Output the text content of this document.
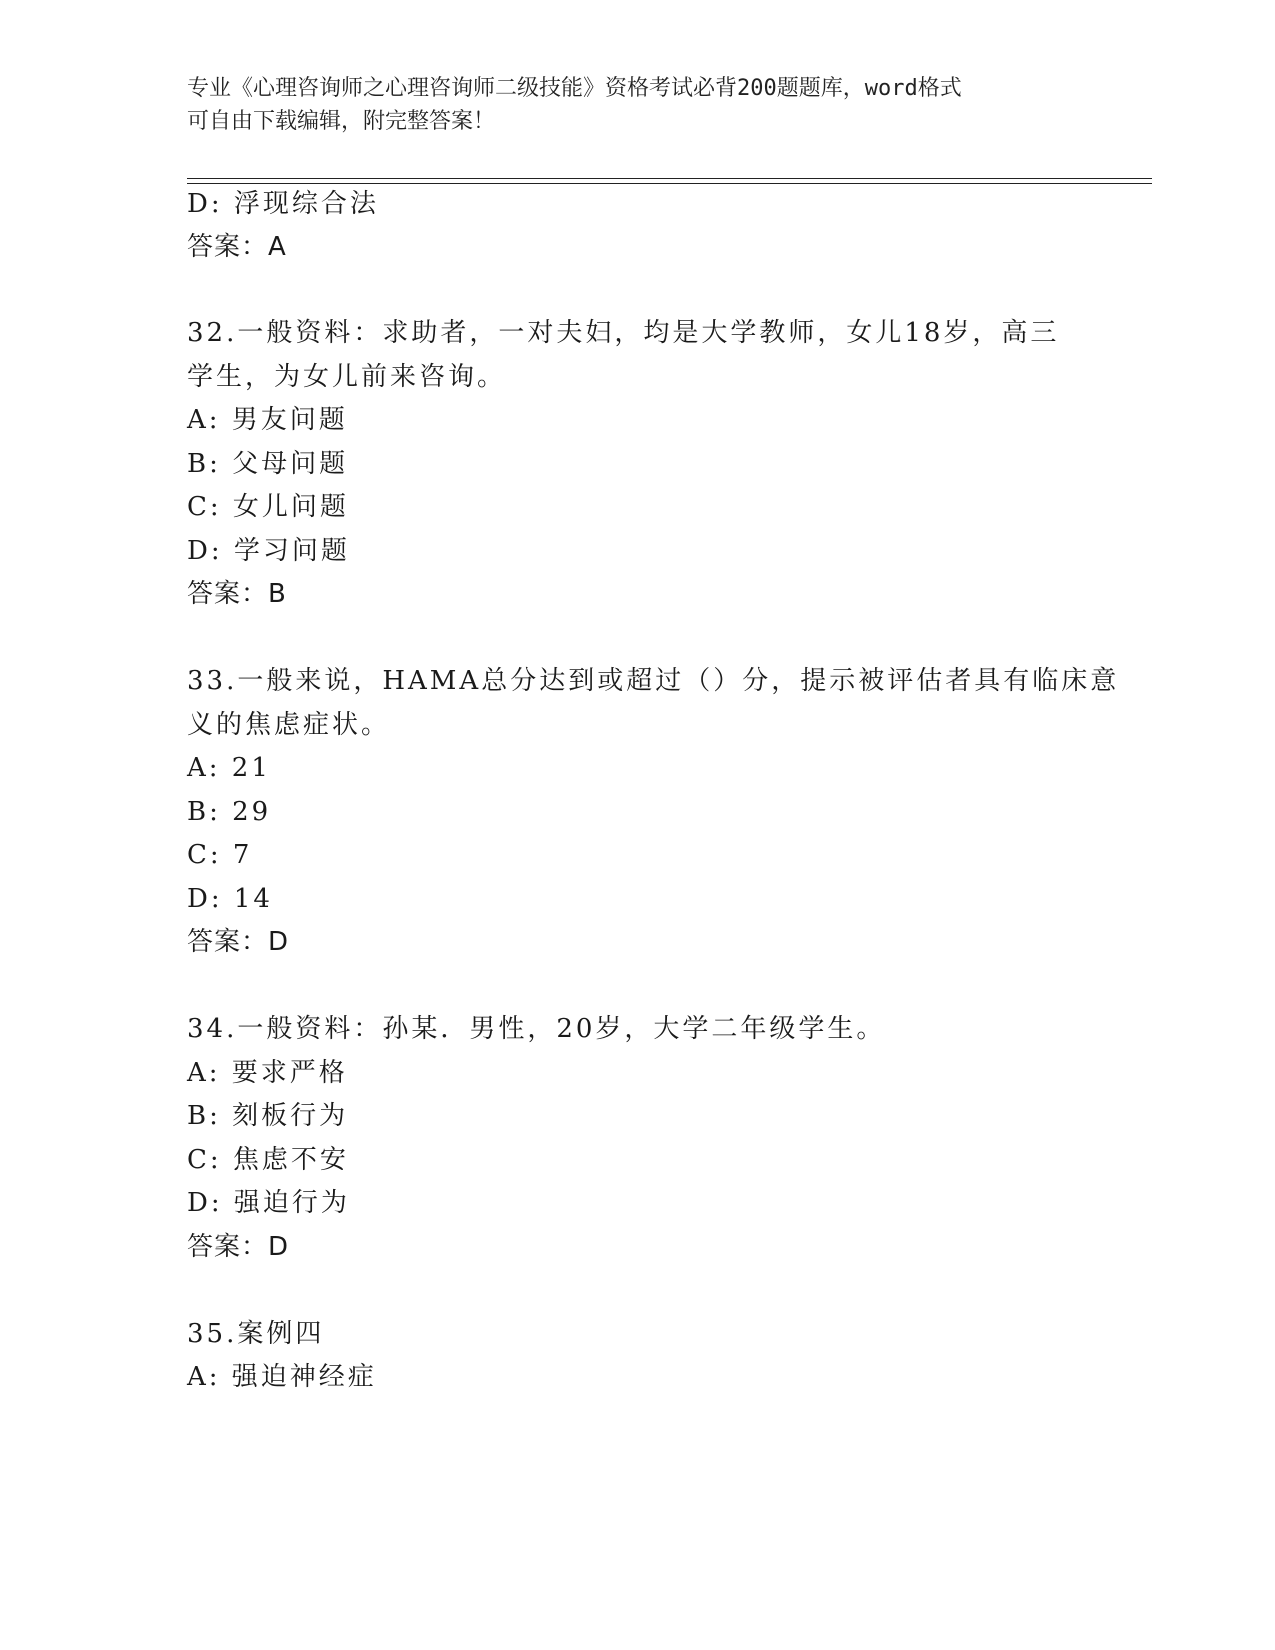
专业《心理咨询师之心理咨询师二级技能》资格考试必背200题题库，word格式
可自由下载编辑，附完整答案！
D: 浮现综合法
答案：A
32.一般资料：求助者，一对夫妇，均是大学教师，女儿18岁，高三
学生，为女儿前来咨询。
A: 男友问题
B: 父母问题
C: 女儿问题
D: 学习问题
答案：B
33.一般来说，HAMA总分达到或超过（）分，提示被评估者具有临床意
义的焦虑症状。
A: 21
B: 29
C: 7
D: 14
答案：D
34.一般资料：孙某．男性，20岁，大学二年级学生。
A: 要求严格
B: 刻板行为
C: 焦虑不安
D: 强迫行为
答案：D
35.案例四
A: 强迫神经症
